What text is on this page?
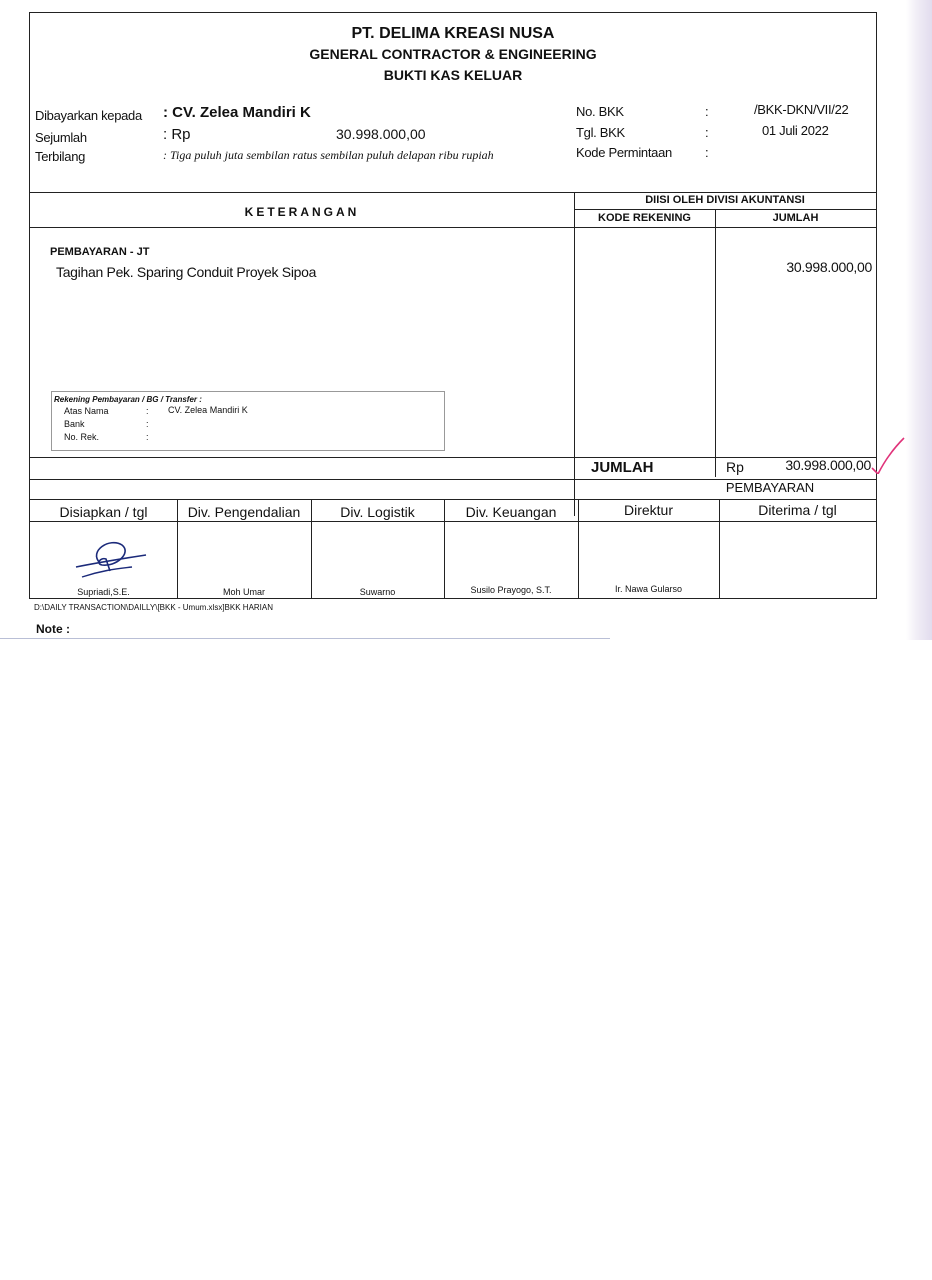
PT. DELIMA KREASI NUSA
GENERAL CONTRACTOR & ENGINEERING
BUKTI KAS KELUAR
Dibayarkan kepada : CV. Zelea Mandiri K
Sejumlah	: Rp	30.998.000,00
Terbilang	: Tiga puluh juta sembilan ratus sembilan puluh delapan ribu rupiah
No. BKK	:	/BKK-DKN/VII/22
Tgl. BKK	:	01 Juli 2022
Kode Permintaan	:
KETERANGAN
DIISI OLEH DIVISI AKUNTANSI
KODE REKENING	JUMLAH
PEMBAYARAN - JT
Tagihan Pek. Sparing Conduit Proyek Sipoa	30.998.000,00
Rekening Pembayaran / BG / Transfer :
Atas Nama	: CV. Zelea Mandiri K
Bank	:
No. Rek.	:
JUMLAH	Rp	30.998.000,00
PEMBAYARAN
Disiapkan / tgl	Div. Pengendalian	Div. Logistik	Div. Keuangan	Direktur	Diterima / tgl
Supriadi,S.E.	Moh Umar	Suwarno	Susilo Prayogo, S.T.	Ir. Nawa Gularso
D:\DAILY TRANSACTION\DAILLY\[BKK - Umum.xlsx]BKK HARIAN
Note :
